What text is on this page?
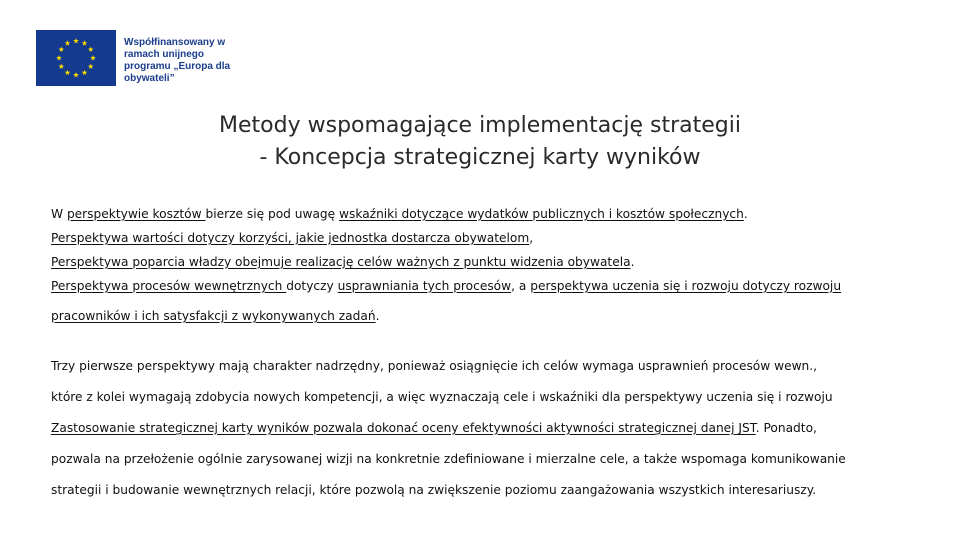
Współfinansowany w
ramach unijnego
programu „Europa dla
obywateli”
Metody wspomagające implementację strategii
- Koncepcja strategicznej karty wyników
W perspektywie kosztów bierze się pod uwagę wskaźniki dotyczące wydatków publicznych i kosztów społecznych.
Perspektywa wartości dotyczy korzyści, jakie jednostka dostarcza obywatelom,
Perspektywa poparcia władzy obejmuje realizację celów ważnych z punktu widzenia obywatela.
Perspektywa procesów wewnętrznych dotyczy usprawniania tych procesów, a perspektywa uczenia się i rozwoju dotyczy rozwoju
pracowników i ich satysfakcji z wykonywanych zadań.
Trzy pierwsze perspektywy mają charakter nadrzędny, ponieważ osiągnięcie ich celów wymaga usprawnień procesów wewn.,
które z kolei wymagają zdobycia nowych kompetencji, a więc wyznaczają cele i wskaźniki dla perspektywy uczenia się i rozwoju
Zastosowanie strategicznej karty wyników pozwala dokonać oceny efektywności aktywności strategicznej danej JST. Ponadto,
pozwala na przełożenie ogólnie zarysowanej wizji na konkretnie zdefiniowane i mierzalne cele, a także wspomaga komunikowanie
strategii i budowanie wewnętrznych relacji, które pozwolą na zwiększenie poziomu zaangażowania wszystkich interesariuszy.
